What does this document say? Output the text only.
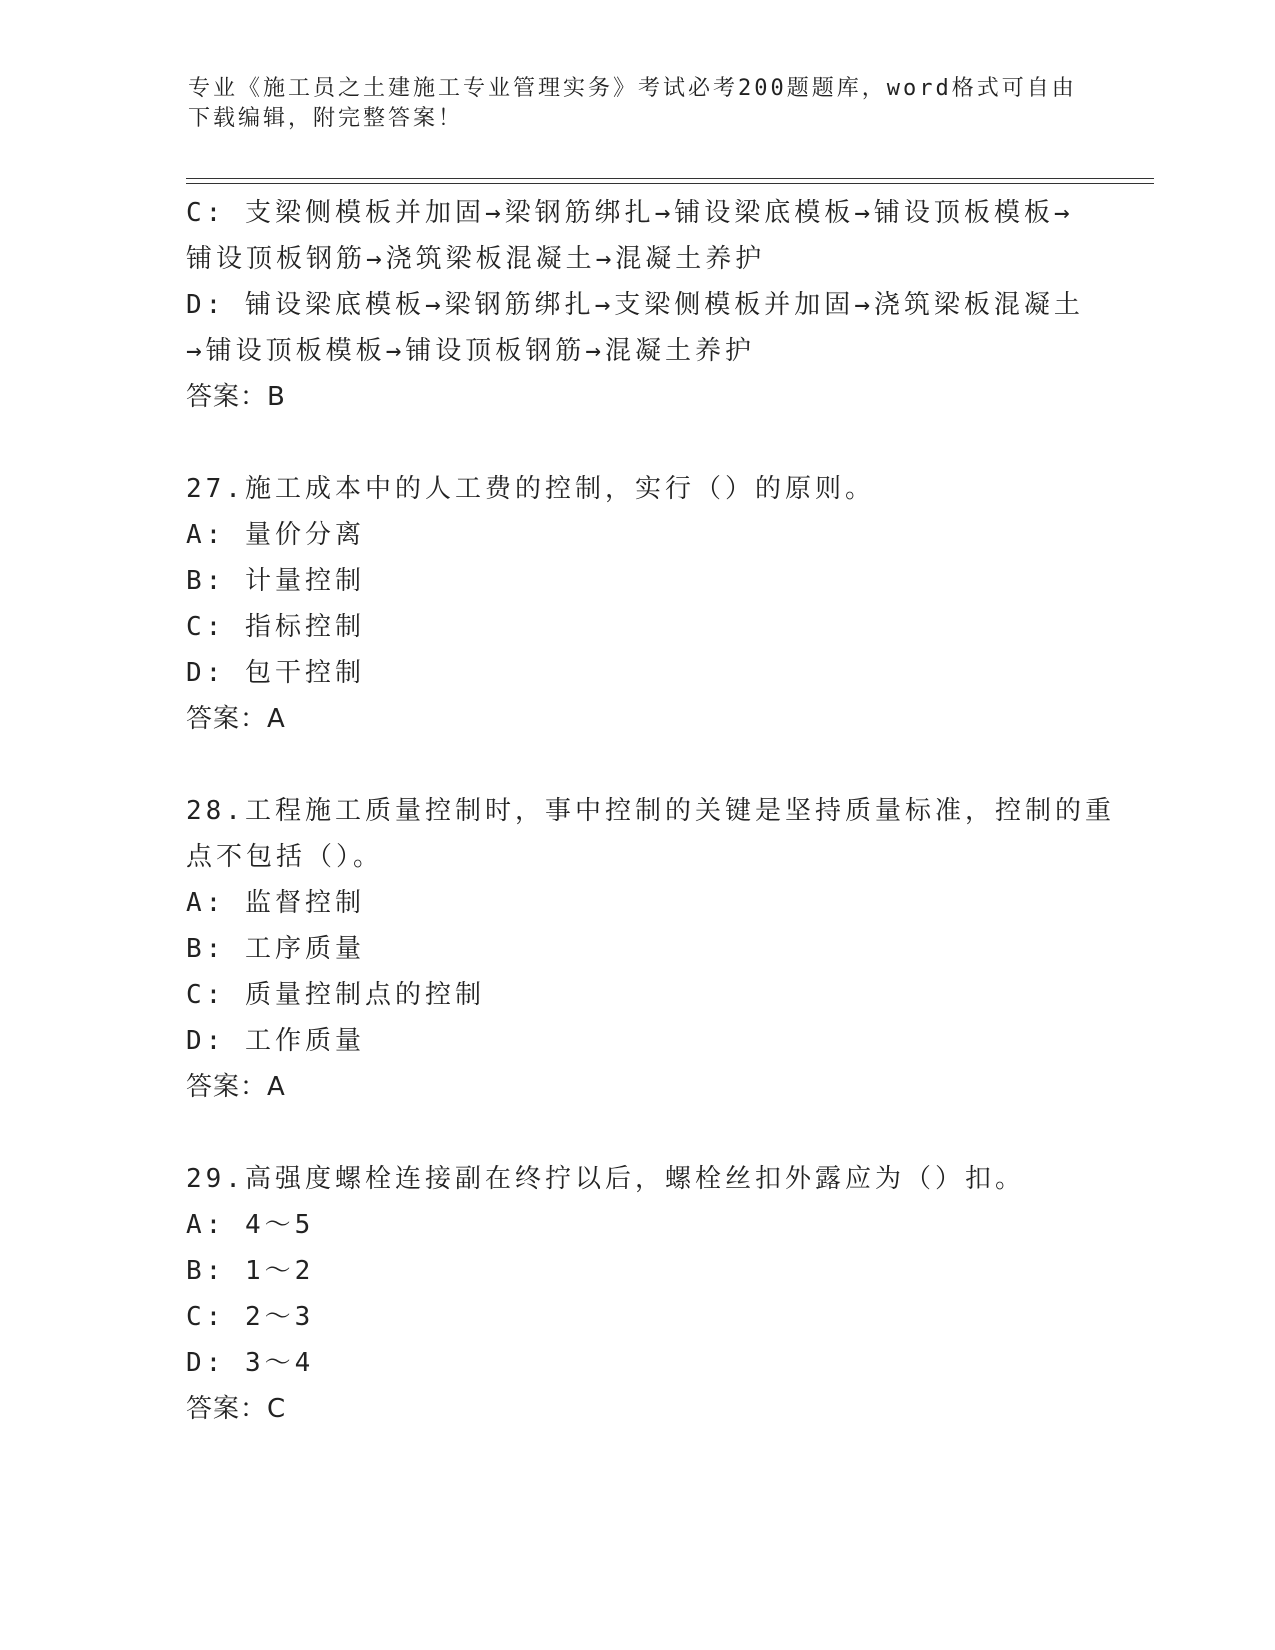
专业《施工员之土建施工专业管理实务》考试必考200题题库，word格式可自由
下载编辑，附完整答案！
C: 支梁侧模板并加固→梁钢筋绑扎→铺设梁底模板→铺设顶板模板→
铺设顶板钢筋→浇筑梁板混凝土→混凝土养护
D: 铺设梁底模板→梁钢筋绑扎→支梁侧模板并加固→浇筑梁板混凝土
→铺设顶板模板→铺设顶板钢筋→混凝土养护
答案：B
27.施工成本中的人工费的控制，实行（）的原则。
A: 量价分离
B: 计量控制
C: 指标控制
D: 包干控制
答案：A
28.工程施工质量控制时，事中控制的关键是坚持质量标准，控制的重
点不包括（）。
A: 监督控制
B: 工序质量
C: 质量控制点的控制
D: 工作质量
答案：A
29.高强度螺栓连接副在终拧以后，螺栓丝扣外露应为（）扣。
A: 4～5
B: 1～2
C: 2～3
D: 3～4
答案：C
